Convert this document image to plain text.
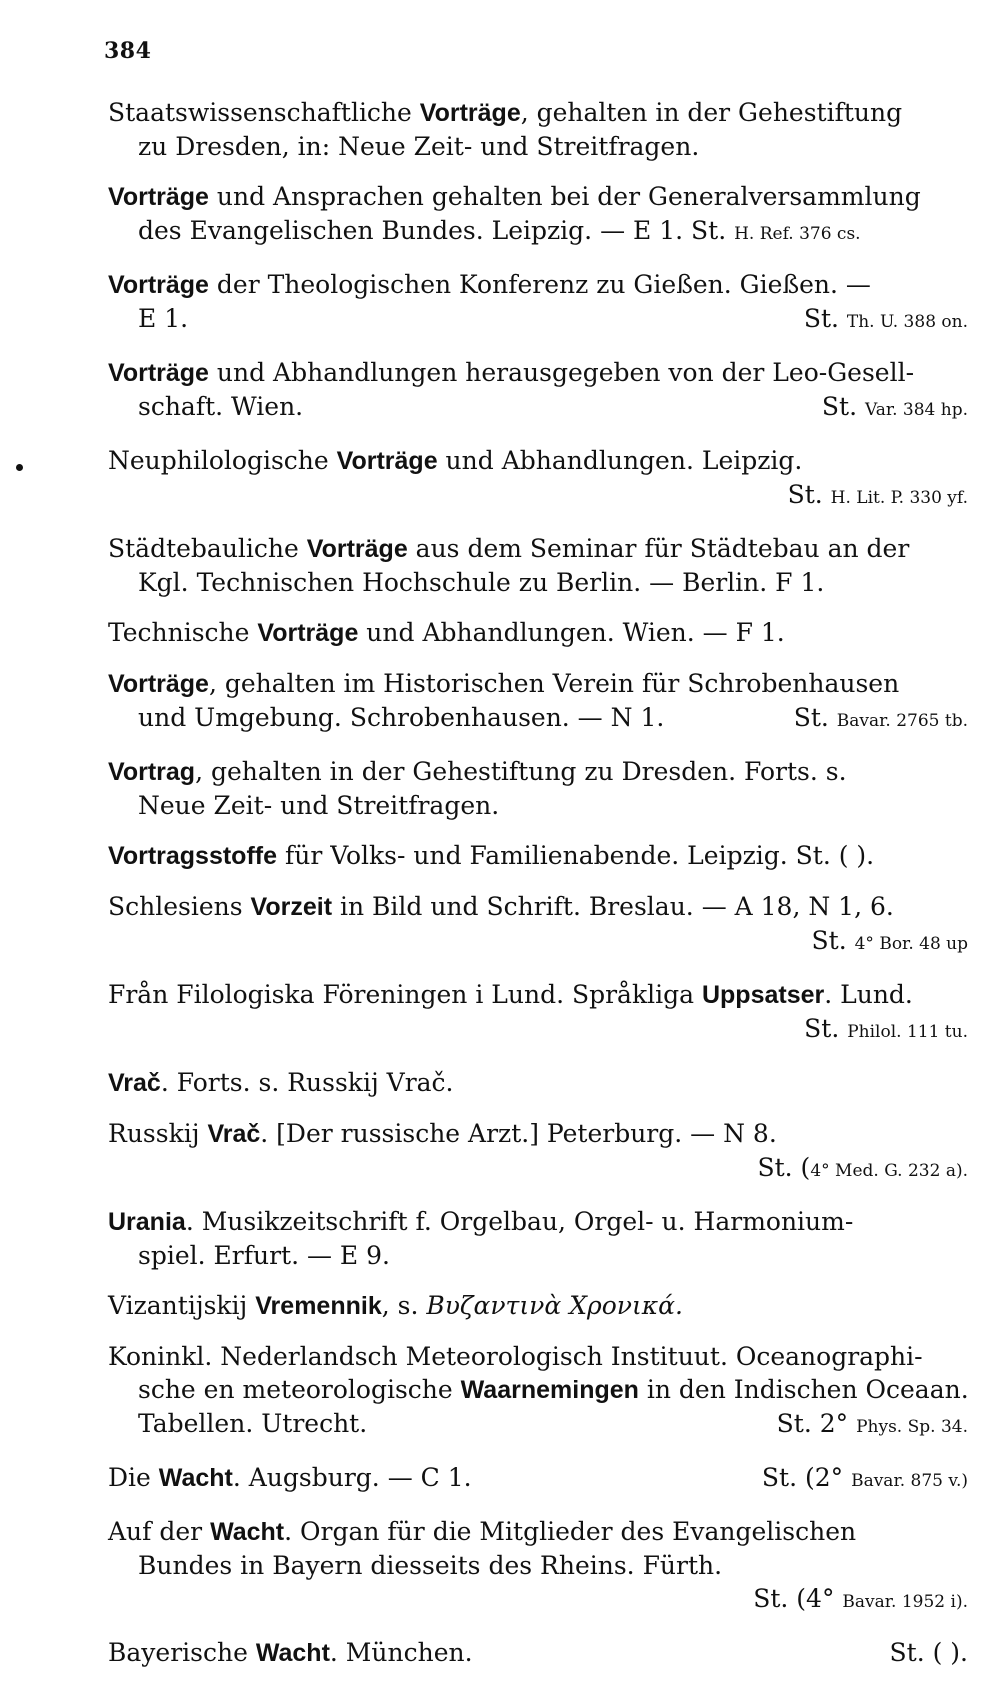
384
Staatswissenschaftliche Vorträge, gehalten in der Gehestiftung
zu Dresden, in: Neue Zeit- und Streitfragen.
Vorträge und Ansprachen gehalten bei der Generalversammlung
des Evangelischen Bundes. Leipzig. — E 1. St. H. Ref. 376 cs.
Vorträge der Theologischen Konferenz zu Gießen. Gießen. —
E 1.	St. Th. U. 388 on.
Vorträge und Abhandlungen herausgegeben von der Leo-Gesell-
schaft. Wien.	St. Var. 384 hp.
Neuphilologische Vorträge und Abhandlungen. Leipzig.
St. H. Lit. P. 330 yf.
Städtebauliche Vorträge aus dem Seminar für Städtebau an der
Kgl. Technischen Hochschule zu Berlin. — Berlin. F 1.
Technische Vorträge und Abhandlungen. Wien. — F 1.
Vorträge, gehalten im Historischen Verein für Schrobenhausen
und Umgebung. Schrobenhausen. — N 1.	St. Bavar. 2765 tb.
Vortrag, gehalten in der Gehestiftung zu Dresden. Forts. s.
Neue Zeit- und Streitfragen.
Vortragsstoffe für Volks- und Familienabende. Leipzig. St. ( ).
Schlesiens Vorzeit in Bild und Schrift. Breslau. — A 18, N 1, 6.
St. 4° Bor. 48 up
Från Filologiska Föreningen i Lund. Språkliga Uppsatser. Lund.
St. Philol. 111 tu.
Vrač. Forts. s. Russkij Vrač.
Russkij Vrač. [Der russische Arzt.] Peterburg. — N 8.
St. (4° Med. G. 232 a).
Urania. Musikzeitschrift f. Orgelbau, Orgel- u. Harmonium-
spiel. Erfurt. — E 9.
Vizantijskij Vremennik, s. Βυζαντινὰ Χρονικά.
Koninkl. Nederlandsch Meteorologisch Instituut. Oceanographi-
sche en meteorologische Waarnemingen in den Indischen Oceaan.
Tabellen. Utrecht.	St. 2° Phys. Sp. 34.
Die Wacht. Augsburg. — C 1.	St. (2° Bavar. 875 v.)
Auf der Wacht. Organ für die Mitglieder des Evangelischen
Bundes in Bayern diesseits des Rheins. Fürth.
St. (4° Bavar. 1952 i).
Bayerische Wacht. München.	St. ( ).
